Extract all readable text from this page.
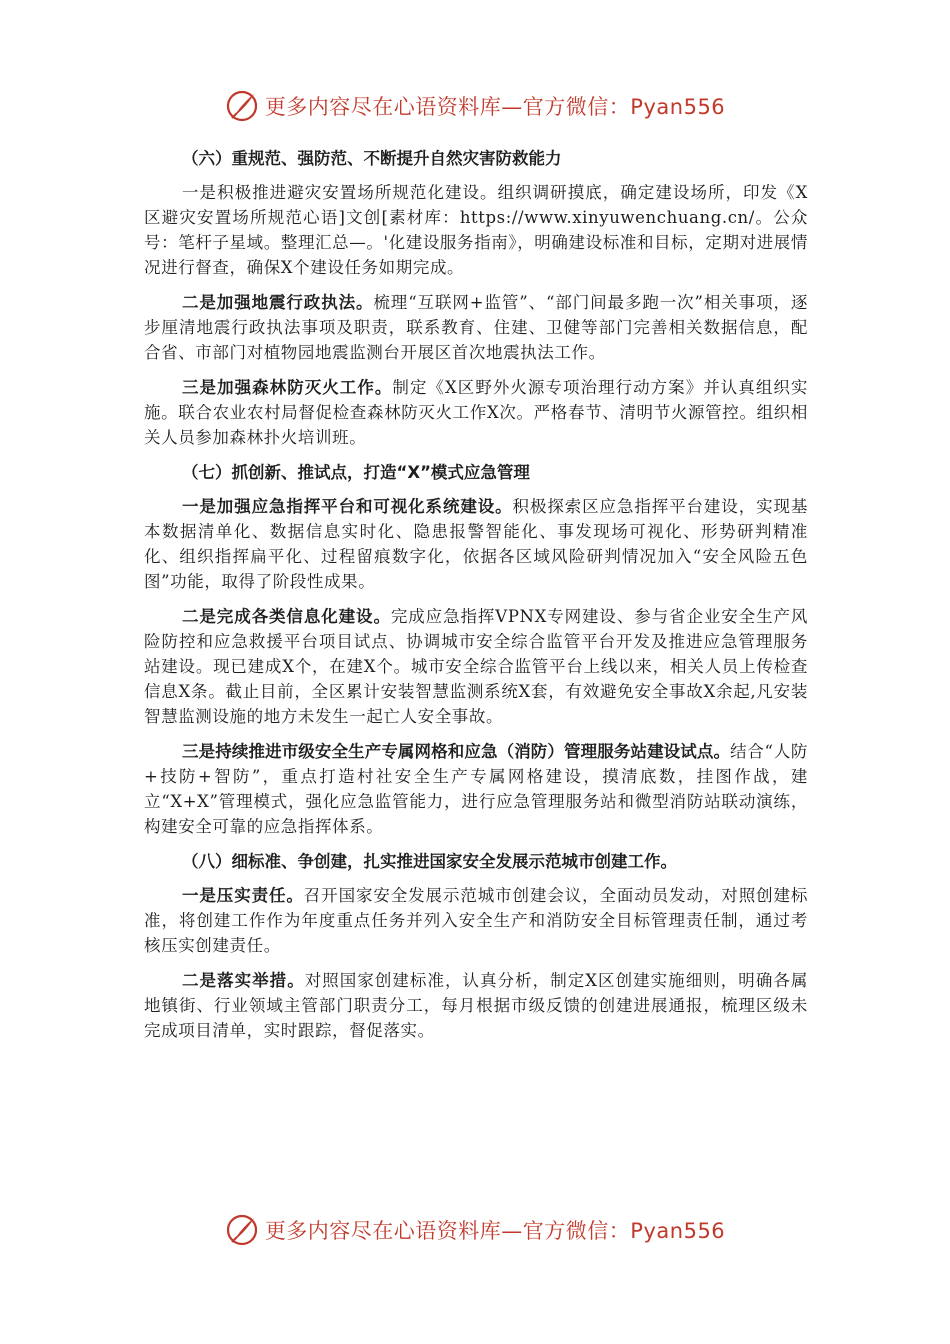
更多内容尽在心语资料库—官方微信：Pyan556
（六）重规范、强防范、不断提升自然灾害防救能力
一是积极推进避灾安置场所规范化建设。组织调研摸底，确定建设场所，印发《X区避灾安置场所规范心语]文创[素材库：https://www.xinyuwenchuang.cn/。公众号：笔杆子星域。整理汇总—。'化建设服务指南》，明确建设标准和目标，定期对进展情况进行督查，确保X个建设任务如期完成。
二是加强地震行政执法。梳理“互联网+监管”、“部门间最多跑一次”相关事项，逐步厘清地震行政执法事项及职责，联系教育、住建、卫健等部门完善相关数据信息，配合省、市部门对植物园地震监测台开展区首次地震执法工作。
三是加强森林防灭火工作。制定《X区野外火源专项治理行动方案》并认真组织实施。联合农业农村局督促检查森林防灭火工作X次。严格春节、清明节火源管控。组织相关人员参加森林扑火培训班。
（七）抓创新、推试点，打造“X”模式应急管理
一是加强应急指挥平台和可视化系统建设。积极探索区应急指挥平台建设，实现基本数据清单化、数据信息实时化、隐患报警智能化、事发现场可视化、形势研判精准化、组织指挥扁平化、过程留痕数字化，依据各区域风险研判情况加入“安全风险五色图”功能，取得了阶段性成果。
二是完成各类信息化建设。完成应急指挥VPNX专网建设、参与省企业安全生产风险防控和应急救援平台项目试点、协调城市安全综合监管平台开发及推进应急管理服务站建设。现已建成X个，在建X个。城市安全综合监管平台上线以来，相关人员上传检查信息X条。截止目前，全区累计安装智慧监测系统X套，有效避免安全事故X余起,凡安装智慧监测设施的地方未发生一起亡人安全事故。
三是持续推进市级安全生产专属网格和应急（消防）管理服务站建设试点。结合“人防+技防+智防”，重点打造村社安全生产专属网格建设，摸清底数，挂图作战，建立“X+X”管理模式，强化应急监管能力，进行应急管理服务站和微型消防站联动演练，构建安全可靠的应急指挥体系。
（八）细标准、争创建，扎实推进国家安全发展示范城市创建工作。
一是压实责任。召开国家安全发展示范城市创建会议，全面动员发动，对照创建标准，将创建工作作为年度重点任务并列入安全生产和消防安全目标管理责任制，通过考核压实创建责任。
二是落实举措。对照国家创建标准，认真分析，制定X区创建实施细则，明确各属地镇街、行业领域主管部门职责分工，每月根据市级反馈的创建进展通报，梳理区级未完成项目清单，实时跟踪，督促落实。
更多内容尽在心语资料库—官方微信：Pyan556
